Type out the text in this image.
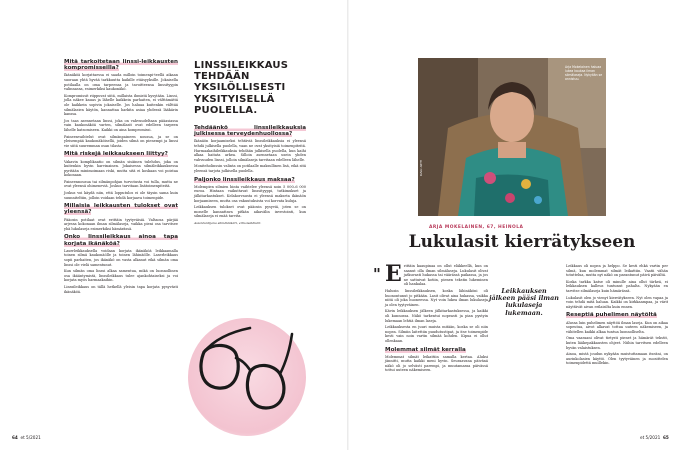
Mitä tarkoitetaan linssi-leikkausten kompromisseilla?

Ikänäköä korjattaessa ei saada milloin toimenpi-teellä aikaan suoraan yhtä hyvää tarkkuutta kaikille etäisyyksille. Jokaisella potilaalla on oma tarpeensa ja tavoitteensa linssityypin valinnassa, esimerkiksi kaukonäkö.

Kompromissit riippuvat siitä, millaista ihmistä kysytään. Linssi, jolla näkee kauas ja lähelle kaikkein parhaiten, ei välttämättä ole kaikkein sopivin jokaiselle. Jos haluaa kuitenkin välttää silmälasien käytön, kannattaa harkita asiaa yhdessä lääkärin kanssa.

Jos taas asennetaan linssi, joka on vahvuudeltaan pääasiassa vain kaukonäköä varten, silmälasit ovat edelleen tarpeen lähelle katsomiseen. Kaikki on aina kompromissi.

Paineenvaihtelut ovat silmänpaineen nousua, ja se on yleisempää kaukonäköisellä, joiden silmä on pienempi ja linssi vie siitä suuremman osan tilasta.

Mitä riskejä leikkaukseen liittyy?

Vakavin komplikaatio on silmän sisäinen tulehdus, joka on kuitenkin hyvin harvinainen. Jokaisessa silmäleikkauksessa pyritään minimoimaan riski, mutta sitä ei koskaan voi poistaa kokonaan.

Paineennousua tai silmänpohjan turvotusta voi tulla, mutta ne ovat yleensä ohimeneviä. Joskus tarvitaan lisätoimenpiteitä.

Joskus voi käydä niin, että lopputulos ei ole täysin sama kuin suunniteltiin, jolloin voidaan tehdä korjaava toimenpide.

Millaisia leikkausten tulokset ovat yleensä?

Pääosin potilaat ovat erittäin tyytyväisiä. Valtaosa pärjää arjessa kokonaan ilman silmälaseja, vaikka pieni osa tarvitsee yhä lukulaseja esimerkiksi hämärässä.

Onko linssileikkaus ainoa tapa korjata ikänäköä?

Laserleikkauksella voidaan korjata ikänäköä leikkaamalla toinen silmä kaukonäölle ja toinen lähinäölle. Laserleikkaus sopii parhaiten, jos ikänäkö on vasta alkanut eikä silmän oma linssi ole vielä samentunut.

Kun silmän oma linssi alkaa samentua, mikä on luonnollinen osa ikääntymistä, linssileikkaus tulee ajankohtaiseksi ja voi korjata myös harmaakaihin.

Linssileikkaus on tällä hetkellä yleisin tapa korjata pysyvästi ikänäköä.

LINSSILEIKKAUS TEHDÄÄN YKSILÖLLISESTI YKSITYISELLÄ PUOLELLA.
Tehdäänkö linssileikkauksia julkisessa terveydenhuollossa?

Ikänäön korjaamiseksi tehtäviä linssileikkauksia ei yleensä tehdä julkisella puolella, vaan ne ovat yksityisiä toimenpiteitä. Harmaakaihileikkauksia tehdään julkisella puolella, kun kaihi alkaa haitata arkea. Silloin asennetaan usein yhden vahvuuden linssi, jolloin silmälaseja tarvitaan edelleen lähelle.

Moniteholinssin valinta on potilaalle maksullinen lisä, eikä sitä yleensä tarjota julkisella puolella.

Paljonko linssileikkaus maksaa?

Molempien silmien hinta vaihtelee yleensä noin 5 000–6 000 euroa. Hintaan vaikuttavat linssityyppi, tutkimukset ja jälkitarkastukset. Kelakorvausta ei yleensä makseta ikänäön korjaamiseen, mutta osa vakuutuksista voi korvata kuluja.

Leikkauksen tulokset ovat pääosin pysyviä, joten se on monelle kannattava pitkän aikavälin investointi, kun silmälaseja ei enää tarvita.

Asiantuntijana silmälääkäri, erikoislääkäri.

64 et 5/2021
Arja Mokelainen haluaa lukea kaukaa ilman silmälaseja. Nykyään se onnistuu.
KUVA: ANTTI
ARJA MOKELAINEN, 67, HEINOLA
Lukulasit kierrätykseen
" E rittäin kaaupinaa on ollut eläkkeellä, kun on saanut olla ilman silmälaseja. Lukulasit olivat jatkuvasti hukassa tai väärässä paikassa, ja jos ne sattuivat kotiin, pienen tekstin lukeminen oli hankalaa.

Halusin linssileikkauksen, koska lähinäköni oli huonontunut jo pitkään. Lasit olivat aina hukassa, vaikka niitä oli joka huoneessa. Nyt voin lukea ilman lukulaseja ja olen tyytyväinen.

Kävin leikkauksen jälkeen jälkitarkastuksessa, ja kaikki oli kunnossa. Näkö tarkentui nopeasti ja pian pystyin lukemaan lehtiä ilman laseja.

Leikkauksesta en juuri muista mitään, koska se oli niin nopea. Silmiin laitettiin puudutustipat, ja itse toimenpide kesti vain noin vartin silmää kohden. Kipua ei ollut ollenkaan.

Molemmat silmät kerralla

Molemmat silmät leikattiin samalla kertaa. Aluksi jännitti, mutta kaikki meni hyvin. Seuraavana päivänä näkö oli jo selvästi parempi, ja muutamassa päivässä tottui uuteen näkemiseen.

Leikkauksen jälkeen pääsi ilman lukulaseja lukemaan.

Leikkaus oli nopea ja helppo. Se kesti ehkä vartin per silmä, kun molemmat silmät leikattiin. Vaatii vähän totuttelua, mutta nyt näkö on parantunut päivä päivältä.

Koska tarkka katse oli minulle aina ollut tärkeä, ei leikkauksen kalleus tuntunut pahalta. Nykyään en tarvitse silmälaseja kuin hämärässä.

Lukulasit olen jo vienyt kierrätykseen. Nyt olen vapaa ja voin tehdä mitä haluan. Kaikki on kirkkaampaa, ja värit näyttävät aivan erilaisilta kuin ennen.

Reseptiä puhelimen näytöltä

Alussa luin puhelimen näyttöä ilman laseja. Kun on aikaa sopeutua, aivot alkavat tottua uuteen näkemiseen, ja vähitellen kaikki alkaa tuntua luonnolliselta.

Oma vaaraani olivat tietysti pienet ja hämärät tekstit, kuten lääkepakkausten ohjeet. Niihin tarvitsen edelleen hyvän valaistuksen.

Ainoa, mistä joudun nykyään muistuttamaan itseäni, on aurinkolasien käyttö. Olen tyytyväinen ja suosittelen toimenpidettä muillekin.

et 5/2021 65
